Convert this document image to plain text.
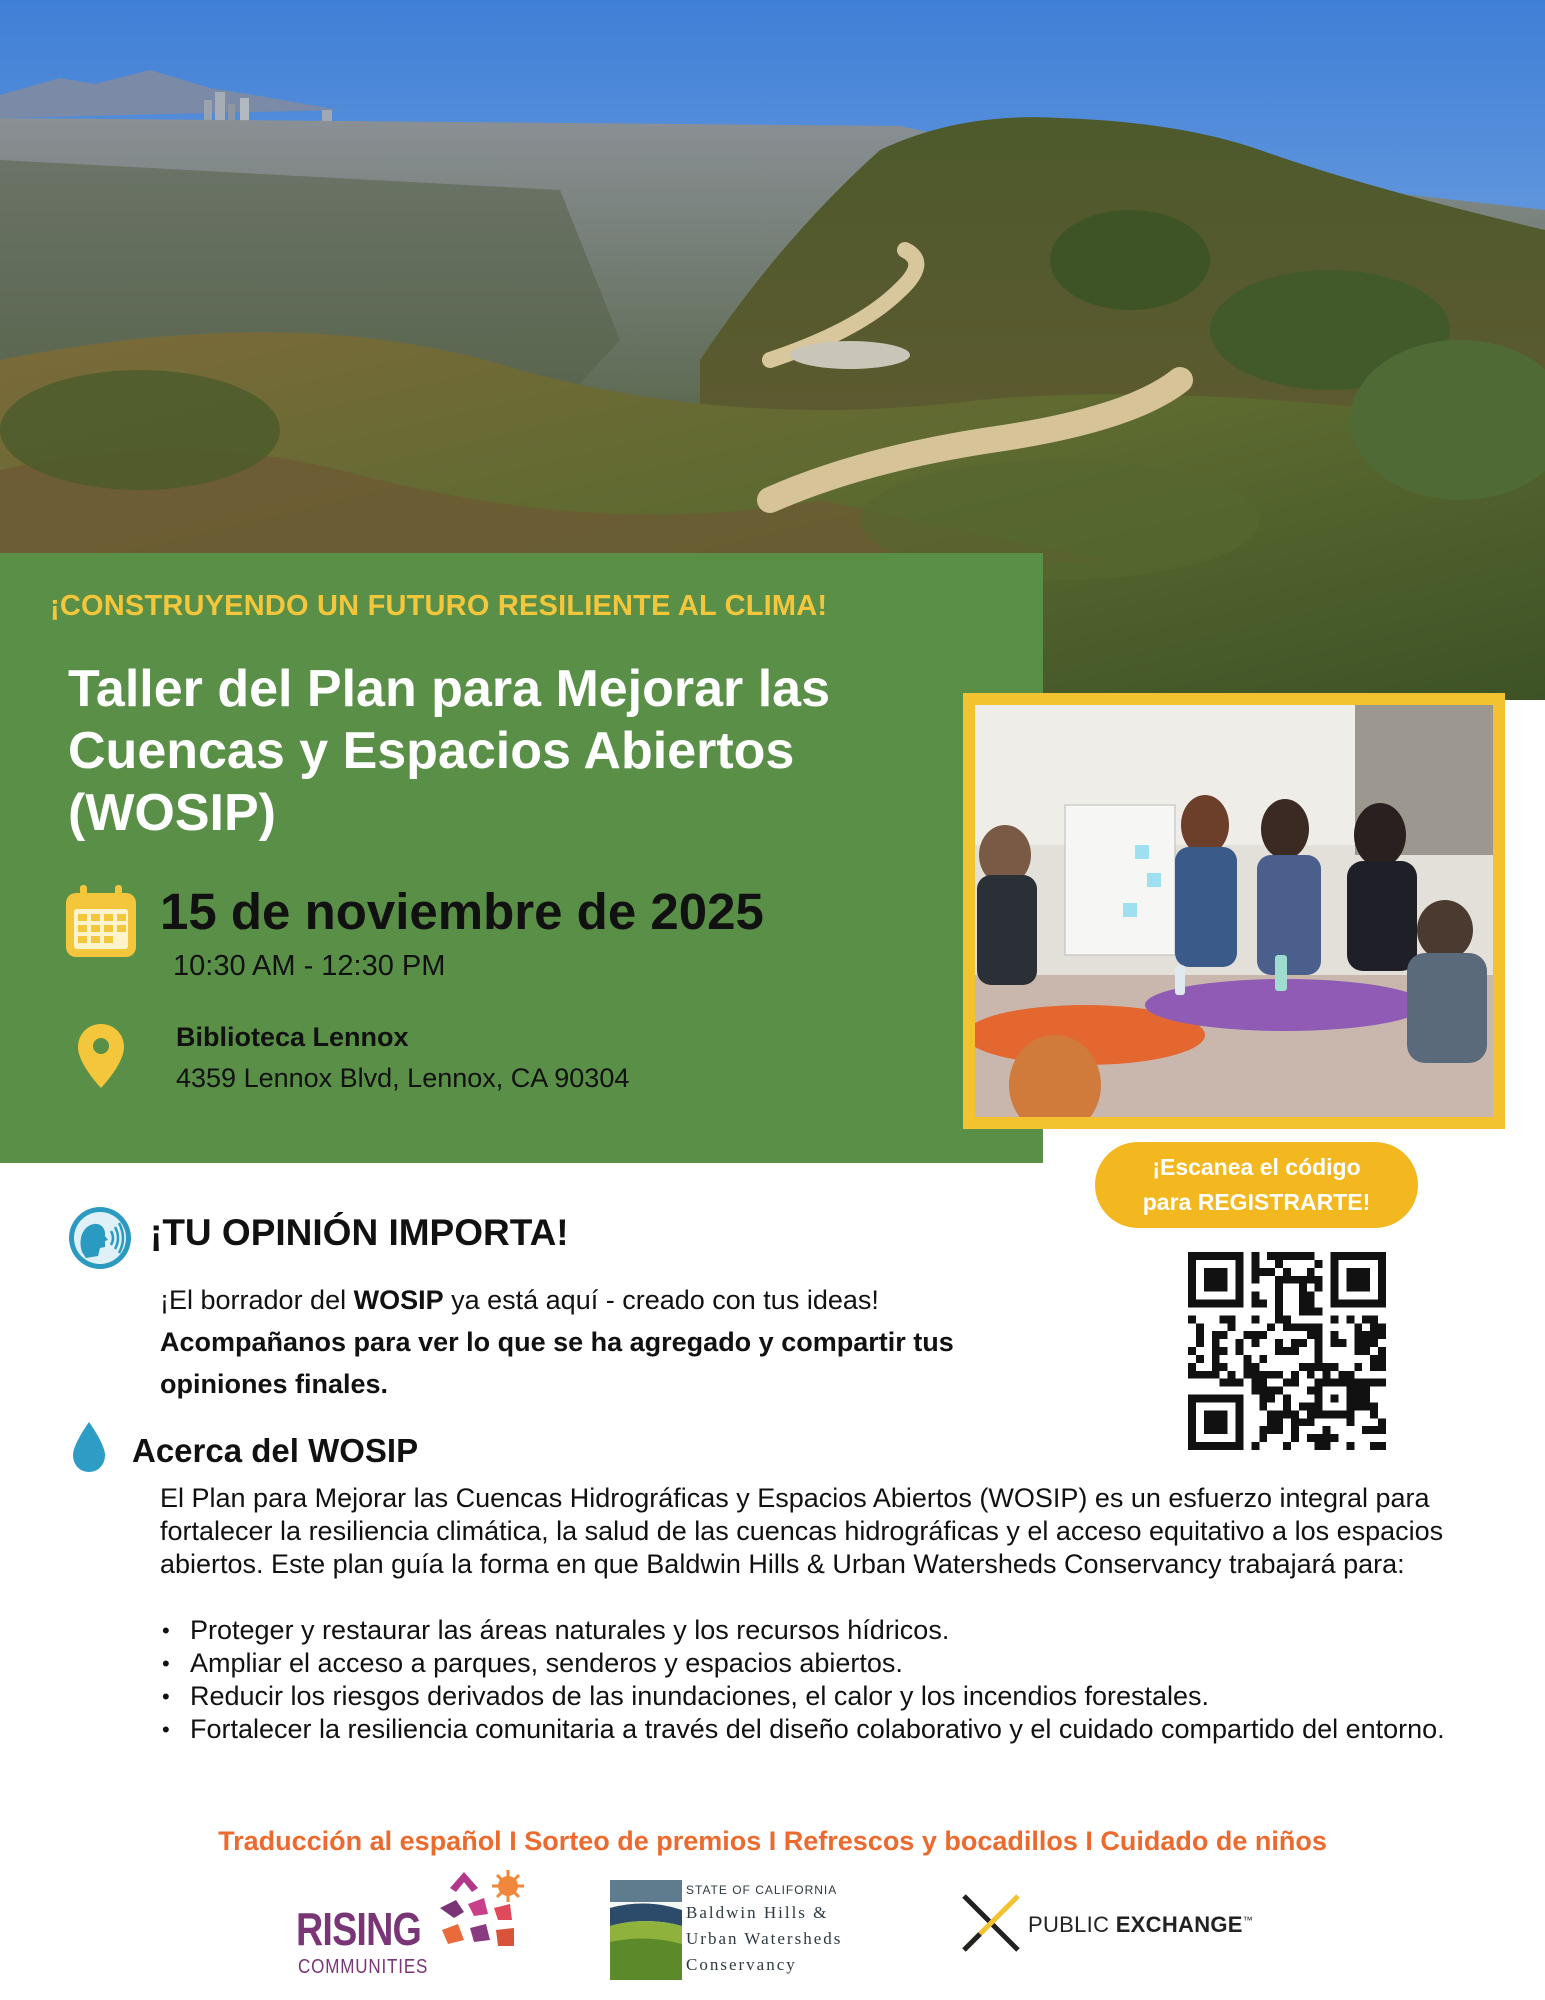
¡CONSTRUYENDO UN FUTURO RESILIENTE AL CLIMA!
Taller del Plan para Mejorar las Cuencas y Espacios Abiertos (WOSIP)
15 de noviembre de 2025
10:30 AM - 12:30 PM
Biblioteca Lennox
4359 Lennox Blvd, Lennox, CA 90304
¡Escanea el código
para REGISTRARTE!
¡TU OPINIÓN IMPORTA!
¡El borrador del WOSIP ya está aquí - creado con tus ideas!
Acompañanos para ver lo que se ha agregado y compartir tus opiniones finales.
Acerca del WOSIP
El Plan para Mejorar las Cuencas Hidrográficas y Espacios Abiertos (WOSIP) es un esfuerzo integral para fortalecer la resiliencia climática, la salud de las cuencas hidrográficas y el acceso equitativo a los espacios abiertos. Este plan guía la forma en que Baldwin Hills & Urban Watersheds Conservancy trabajará para:
• Proteger y restaurar las áreas naturales y los recursos hídricos.
• Ampliar el acceso a parques, senderos y espacios abiertos.
• Reducir los riesgos derivados de las inundaciones, el calor y los incendios forestales.
• Fortalecer la resiliencia comunitaria a través del diseño colaborativo y el cuidado compartido del entorno.
Traducción al español I Sorteo de premios I Refrescos y bocadillos I Cuidado de niños
RISING
COMMUNITIES
STATE OF CALIFORNIA
Baldwin Hills &
Urban Watersheds
Conservancy
PUBLIC EXCHANGE™
